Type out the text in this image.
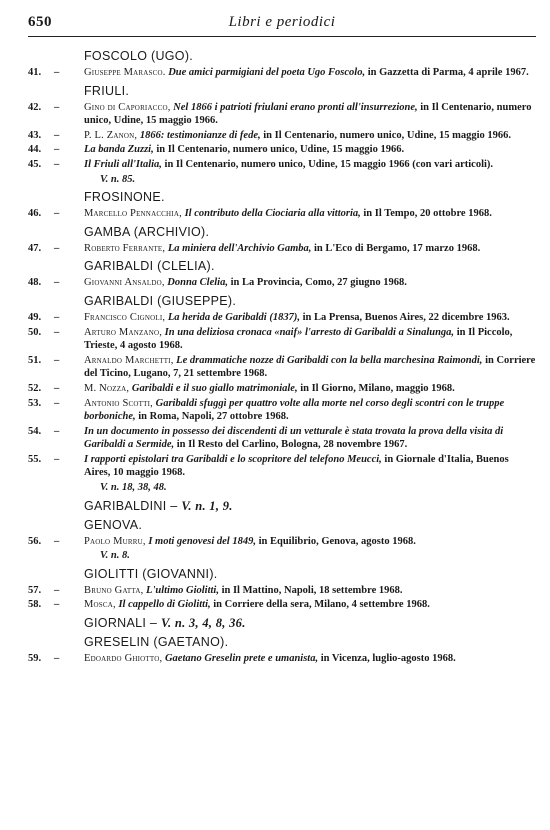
650	Libri e periodici
FOSCOLO (UGO).
41. –	Giuseppe Marasco. Due amici parmigiani del poeta Ugo Foscolo, in Gazzetta di Parma, 4 aprile 1967.
FRIULI.
42. –	Gino di Caporiacco, Nel 1866 i patrioti friulani erano pronti all'insurrezione, in Il Centenario, numero unico, Udine, 15 maggio 1966.
43. –	P. L. Zanon, 1866: testimonianze di fede, in Il Centenario, numero unico, Udine, 15 maggio 1966.
44. –	La banda Zuzzi, in Il Centenario, numero unico, Udine, 15 maggio 1966.
45. –	Il Friuli all'Italia, in Il Centenario, numero unico, Udine, 15 maggio 1966 (con vari articoli).
V. n. 85.
FROSINONE.
46. –	Marcello Pennacchia, Il contributo della Ciociaria alla vittoria, in Il Tempo, 20 ottobre 1968.
GAMBA (ARCHIVIO).
47. –	Roberto Ferrante, La miniera dell'Archivio Gamba, in L'Eco di Bergamo, 17 marzo 1968.
GARIBALDI (CLELIA).
48. –	Giovanni Ansaldo, Donna Clelia, in La Provincia, Como, 27 giugno 1968.
GARIBALDI (GIUSEPPE).
49. –	Francisco Cignoli, La herida de Garibaldi (1837), in La Prensa, Buenos Aires, 22 dicembre 1963.
50. –	Arturo Manzano, In una deliziosa cronaca «naif» l'arresto di Garibaldi a Sinalunga, in Il Piccolo, Trieste, 4 agosto 1968.
51. –	Arnaldo Marchetti, Le drammatiche nozze di Garibaldi con la bella marchesina Raimondi, in Corriere del Ticino, Lugano, 7, 21 settembre 1968.
52. –	M. Nozza, Garibaldi e il suo giallo matrimoniale, in Il Giorno, Milano, maggio 1968.
53. –	Antonio Scotti, Garibaldi sfuggì per quattro volte alla morte nel corso degli scontri con le truppe borboniche, in Roma, Napoli, 27 ottobre 1968.
54. –	In un documento in possesso dei discendenti di un vetturale è stata trovata la prova della visita di Garibaldi a Sermide, in Il Resto del Carlino, Bologna, 28 novembre 1967.
55. –	I rapporti epistolari tra Garibaldi e lo scopritore del telefono Meucci, in Giornale d'Italia, Buenos Aires, 10 maggio 1968.
V. n. 18, 38, 48.
GARIBALDINI – V. n. 1, 9.
GENOVA.
56. –	Paolo Murru, I moti genovesi del 1849, in Equilibrio, Genova, agosto 1968.
V. n. 8.
GIOLITTI (GIOVANNI).
57. –	Bruno Gatta, L'ultimo Giolitti, in Il Mattino, Napoli, 18 settembre 1968.
58. –	Mosca, Il cappello di Giolitti, in Corriere della sera, Milano, 4 settembre 1968.
GIORNALI – V. n. 3, 4, 8, 36.
GRESELIN (GAETANO).
59. –	Edoardo Ghiotto, Gaetano Greselin prete e umanista, in Vicenza, luglio-agosto 1968.
